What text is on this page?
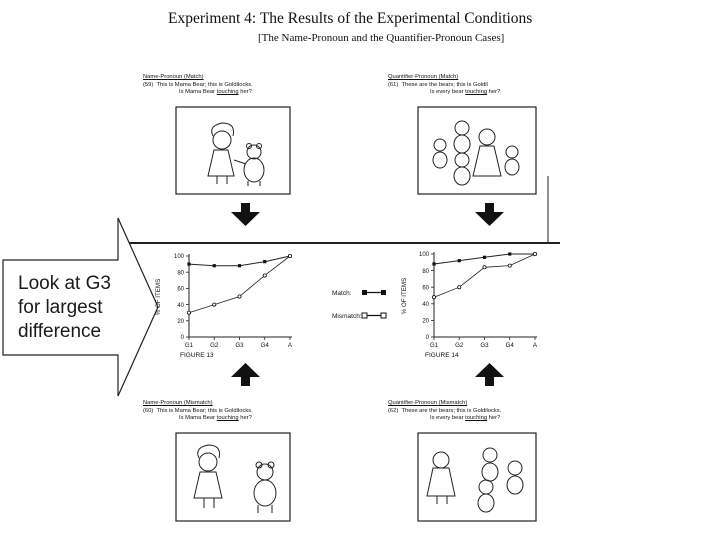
Experiment 4: The Results of the Experimental Conditions
[The Name-Pronoun and the Quantifier-Pronoun Cases]
Name-Pronoun (Match)
(59) This is Mama Bear; this is Goldilocks.
Is Mama Bear touching her?
Quantifier-Pronoun (Match)
(61) These are the bears; this is Goldil
Is every bear touching her?
Name-Pronoun (Mismatch)
(60) This is Mama Bear; this is Goldilocks.
Is Mama Bear touching her?
Quantifier-Pronoun (Mismatch)
(62) These are the bears; this is Goldilocks.
Is every bear touching her?
0
20
40
60
80
100
G1	G2	G3	G4	A
% OF ITEMS
0
20
40
60
80
100
G1	G2	G3	G4	A
% OF ITEMS
Match:
Mismatch:
Look at G3 for largest difference
FIGURE 13	FIGURE 14
